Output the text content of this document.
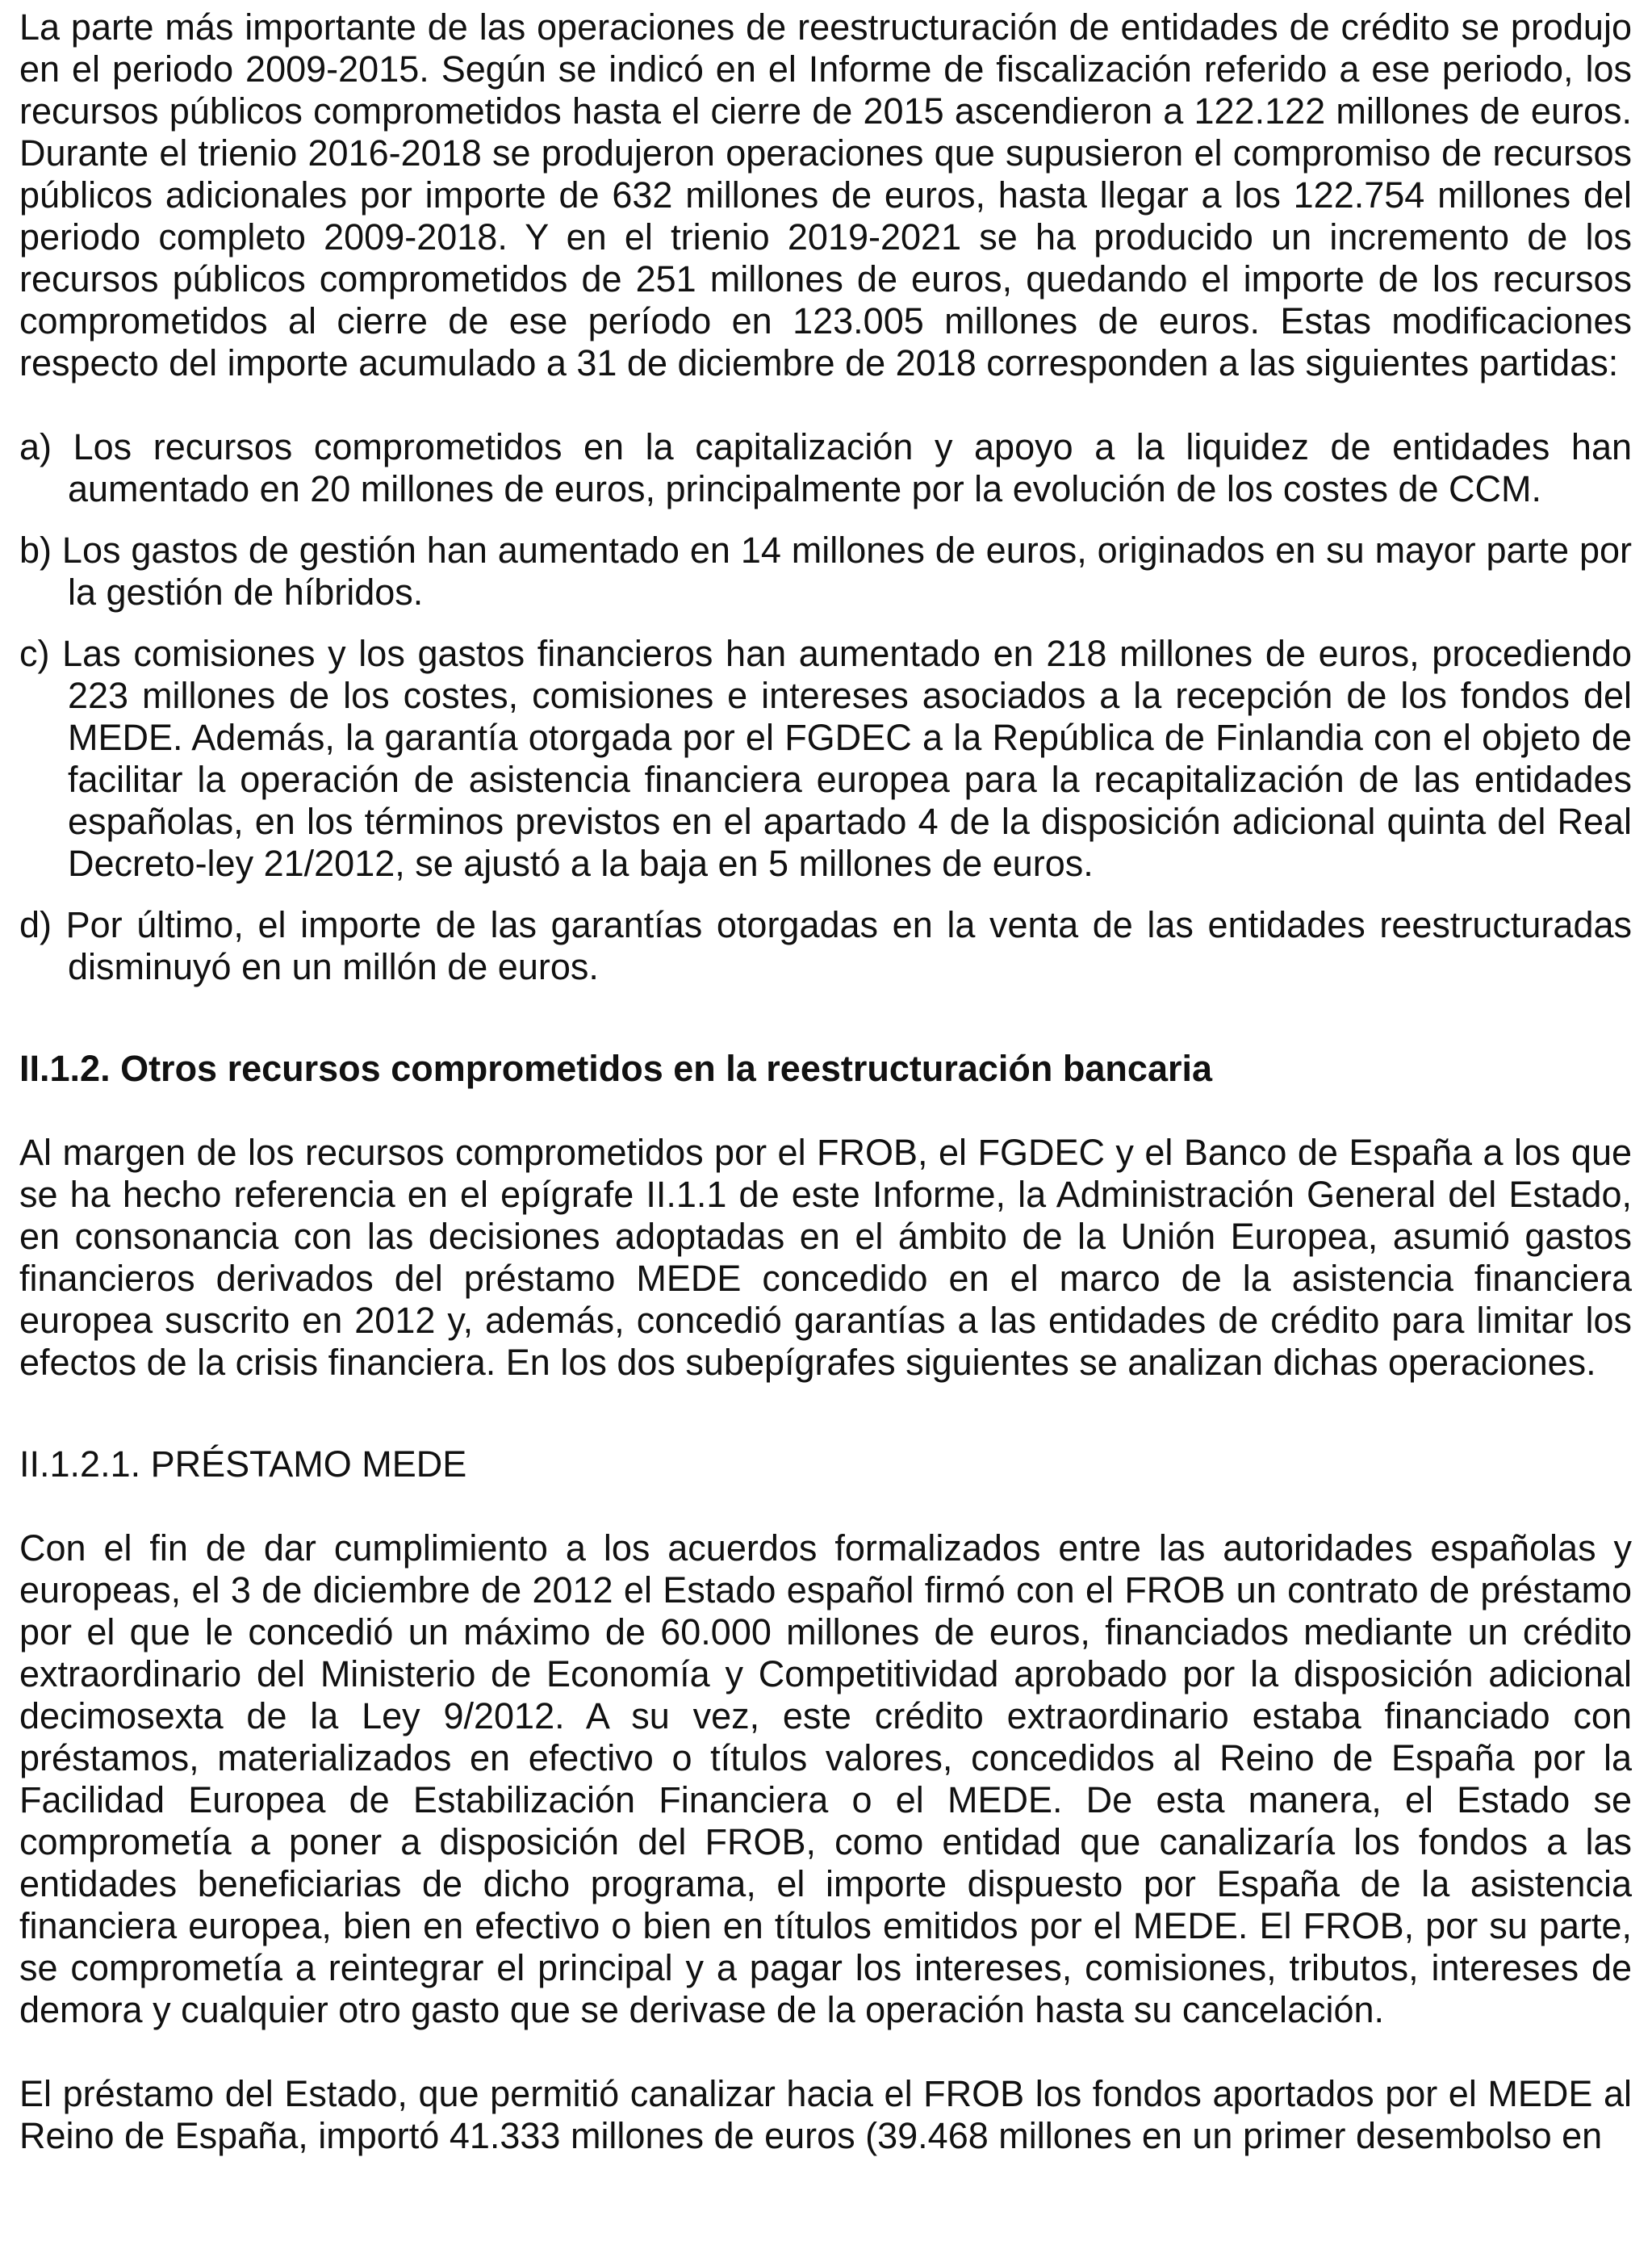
La parte más importante de las operaciones de reestructuración de entidades de crédito se produjo en el periodo 2009-2015. Según se indicó en el Informe de fiscalización referido a ese periodo, los recursos públicos comprometidos hasta el cierre de 2015 ascendieron a 122.122 millones de euros. Durante el trienio 2016-2018 se produjeron operaciones que supusieron el compromiso de recursos públicos adicionales por importe de 632 millones de euros, hasta llegar a los 122.754 millones del periodo completo 2009-2018. Y en el trienio 2019-2021 se ha producido un incremento de los recursos públicos comprometidos de 251 millones de euros, quedando el importe de los recursos comprometidos al cierre de ese período en 123.005 millones de euros. Estas modificaciones respecto del importe acumulado a 31 de diciembre de 2018 corresponden a las siguientes partidas:

a) Los recursos comprometidos en la capitalización y apoyo a la liquidez de entidades han aumentado en 20 millones de euros, principalmente por la evolución de los costes de CCM.

b) Los gastos de gestión han aumentado en 14 millones de euros, originados en su mayor parte por la gestión de híbridos.

c) Las comisiones y los gastos financieros han aumentado en 218 millones de euros, procediendo 223 millones de los costes, comisiones e intereses asociados a la recepción de los fondos del MEDE. Además, la garantía otorgada por el FGDEC a la República de Finlandia con el objeto de facilitar la operación de asistencia financiera europea para la recapitalización de las entidades españolas, en los términos previstos en el apartado 4 de la disposición adicional quinta del Real Decreto-ley 21/2012, se ajustó a la baja en 5 millones de euros.

d) Por último, el importe de las garantías otorgadas en la venta de las entidades reestructuradas disminuyó en un millón de euros.

II.1.2. Otros recursos comprometidos en la reestructuración bancaria

Al margen de los recursos comprometidos por el FROB, el FGDEC y el Banco de España a los que se ha hecho referencia en el epígrafe II.1.1 de este Informe, la Administración General del Estado, en consonancia con las decisiones adoptadas en el ámbito de la Unión Europea, asumió gastos financieros derivados del préstamo MEDE concedido en el marco de la asistencia financiera europea suscrito en 2012 y, además, concedió garantías a las entidades de crédito para limitar los efectos de la crisis financiera. En los dos subepígrafes siguientes se analizan dichas operaciones.

II.1.2.1. PRÉSTAMO MEDE

Con el fin de dar cumplimiento a los acuerdos formalizados entre las autoridades españolas y europeas, el 3 de diciembre de 2012 el Estado español firmó con el FROB un contrato de préstamo por el que le concedió un máximo de 60.000 millones de euros, financiados mediante un crédito extraordinario del Ministerio de Economía y Competitividad aprobado por la disposición adicional decimosexta de la Ley 9/2012. A su vez, este crédito extraordinario estaba financiado con préstamos, materializados en efectivo o títulos valores, concedidos al Reino de España por la Facilidad Europea de Estabilización Financiera o el MEDE. De esta manera, el Estado se comprometía a poner a disposición del FROB, como entidad que canalizaría los fondos a las entidades beneficiarias de dicho programa, el importe dispuesto por España de la asistencia financiera europea, bien en efectivo o bien en títulos emitidos por el MEDE. El FROB, por su parte, se comprometía a reintegrar el principal y a pagar los intereses, comisiones, tributos, intereses de demora y cualquier otro gasto que se derivase de la operación hasta su cancelación.

El préstamo del Estado, que permitió canalizar hacia el FROB los fondos aportados por el MEDE al Reino de España, importó 41.333 millones de euros (39.468 millones en un primer desembolso en
